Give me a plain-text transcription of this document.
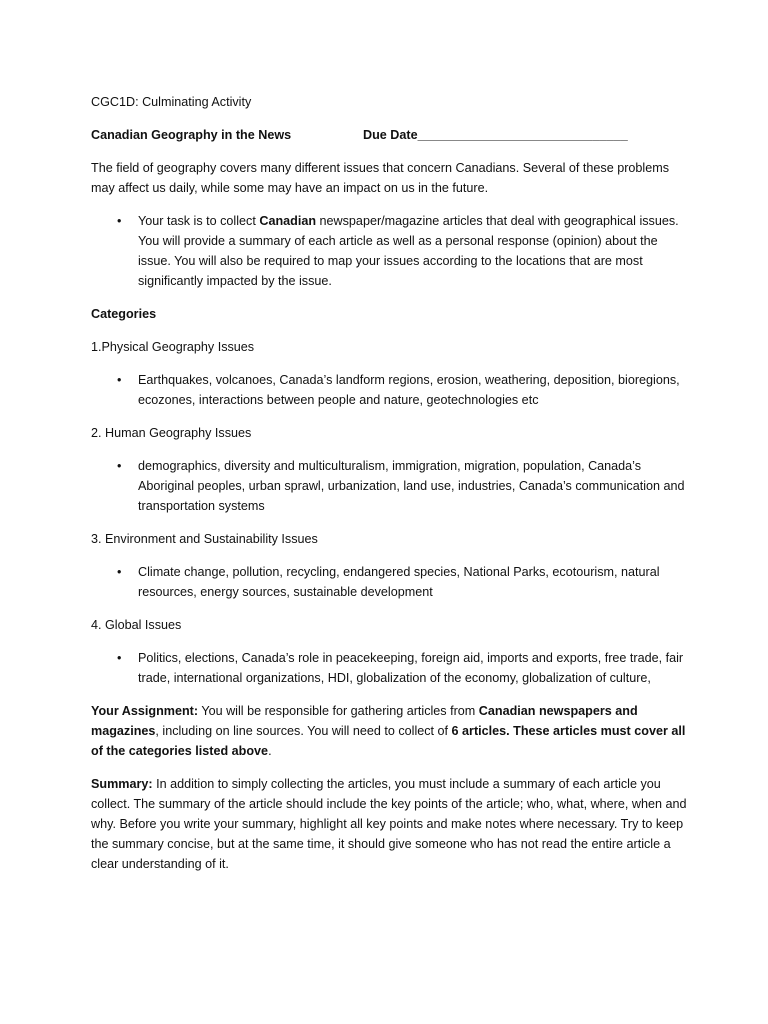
CGC1D: Culminating Activity

Canadian Geography in the News	Due Date______________________________

The field of geography covers many different issues that concern Canadians. Several of these problems may affect us daily, while some may have an impact on us in the future.

•	Your task is to collect Canadian newspaper/magazine articles that deal with geographical issues. You will provide a summary of each article as well as a personal response (opinion) about the issue. You will also be required to map your issues according to the locations that are most significantly impacted by the issue.

Categories

1.Physical Geography Issues

•	Earthquakes, volcanoes, Canada’s landform regions, erosion, weathering, deposition, bioregions, ecozones, interactions between people and nature, geotechnologies etc

2. Human Geography Issues

•	demographics, diversity and multiculturalism, immigration, migration, population, Canada’s Aboriginal peoples, urban sprawl, urbanization, land use, industries, Canada’s communication and transportation systems

3. Environment and Sustainability Issues

•	Climate change, pollution, recycling, endangered species, National Parks, ecotourism, natural resources, energy sources, sustainable development

4. Global Issues

•	Politics, elections, Canada’s role in peacekeeping, foreign aid, imports and exports, free trade, fair trade, international organizations, HDI, globalization of the economy, globalization of culture,

Your Assignment: You will be responsible for gathering articles from Canadian newspapers and magazines, including on line sources. You will need to collect of 6 articles. These articles must cover all of the categories listed above.

Summary: In addition to simply collecting the articles, you must include a summary of each article you collect. The summary of the article should include the key points of the article; who, what, where, when and why. Before you write your summary, highlight all key points and make notes where necessary. Try to keep the summary concise, but at the same time, it should give someone who has not read the entire article a clear understanding of it.
